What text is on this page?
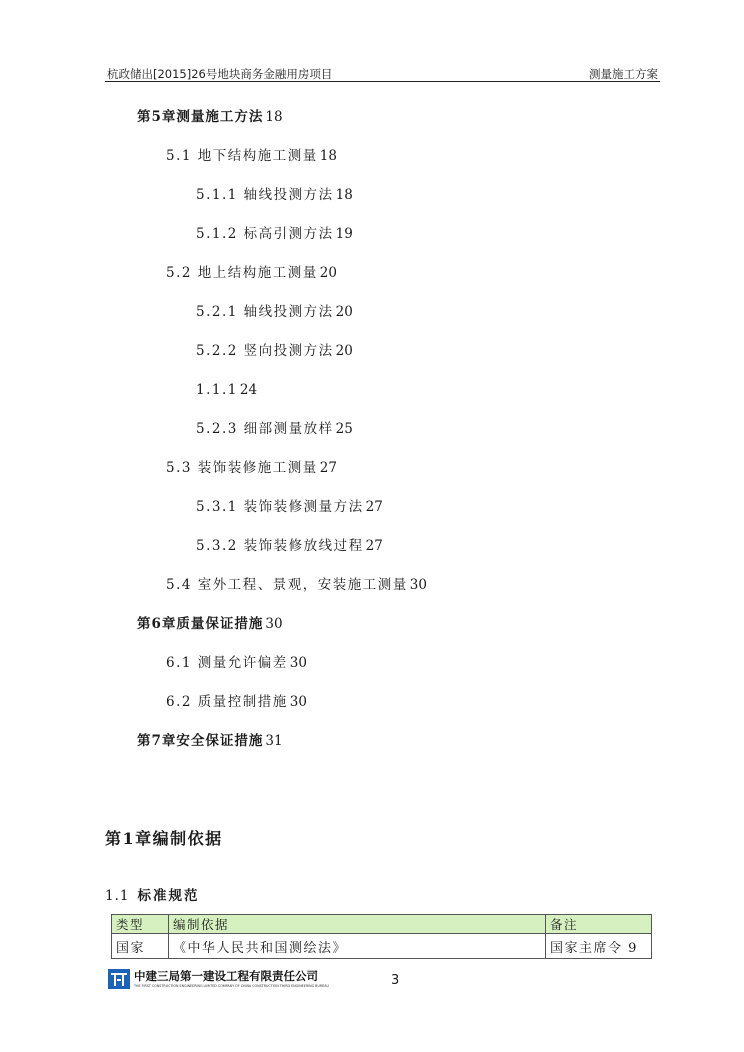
杭政储出[2015]26号地块商务金融用房项目	测量施工方案
第5章测量施工方法 18
5.1 地下结构施工测量 18
5.1.1 轴线投测方法 18
5.1.2 标高引测方法 19
5.2 地上结构施工测量 20
5.2.1 轴线投测方法 20
5.2.2 竖向投测方法 20
1.1.1 24
5.2.3 细部测量放样 25
5.3 装饰装修施工测量 27
5.3.1 装饰装修测量方法 27
5.3.2 装饰装修放线过程 27
5.4 室外工程、景观，安装施工测量 30
第6章质量保证措施 30
6.1 测量允许偏差 30
6.2 质量控制措施 30
第7章安全保证措施 31
第1章编制依据
1.1 标准规范
类型	编制依据	备注
国家	《中华人民共和国测绘法》	国家主席令 9
中建三局第一建设工程有限责任公司
THE FIRST CONSTRUCTION ENGINEERING LIMITED COMPANY OF CHINA CONSTRUCTION THIRD ENGINEERING BUREAU	3
